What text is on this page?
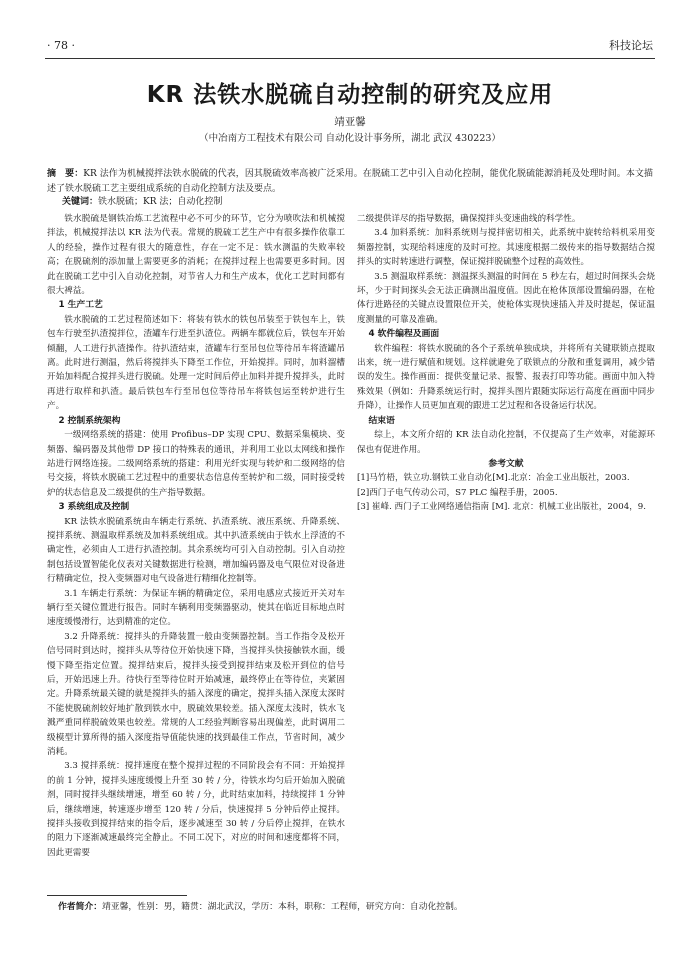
· 78 ·	科技论坛
KR 法铁水脱硫自动控制的研究及应用
靖亚馨
（中冶南方工程技术有限公司 自动化设计事务所，湖北 武汉 430223）
摘　要：KR 法作为机械搅拌法铁水脱硫的代表，因其脱硫效率高被广泛采用。在脱硫工艺中引入自动化控制，能优化脱硫能源消耗及处理时间。本文描述了铁水脱硫工艺主要组成系统的自动化控制方法及要点。
关键词：铁水脱硫；KR 法；自动化控制

铁水脱硫是钢铁冶炼工艺流程中必不可少的环节，它分为喷吹法和机械搅拌法，机械搅拌法以 KR 法为代表。常规的脱硫工艺生产中有很多操作依靠工人的经验，操作过程有很大的随意性，存在一定不足：铁水测温的失败率较高；在脱硫剂的添加量上需要更多的消耗；在搅拌过程上也需要更多时间。因此在脱硫工艺中引入自动化控制，对节省人力和生产成本，优化工艺时间都有很大裨益。

1 生产工艺

铁水脱硫的工艺过程简述如下：将装有铁水的铁包吊装至于铁包车上，铁包车行驶至扒渣搅拌位，渣罐车行进至扒渣位。两辆车都就位后，铁包车开始倾翻，人工进行扒渣操作。待扒渣结束，渣罐车行至吊包位等待吊车将渣罐吊离。此时进行测温，然后将搅拌头下降至工作位，开始搅拌。同时，加料溜槽开始加料配合搅拌头进行脱硫。处理一定时间后停止加料并提升搅拌头，此时再进行取样和扒渣。最后铁包车行至吊包位等待吊车将铁包运至转炉进行生产。

2 控制系统架构

一级网络系统的搭建：使用 Profibus–DP 实现 CPU、数据采集模块、变频器、编码器及其他带 DP 接口的特殊表的通讯，并利用工业以太网线和操作站进行网络连接。二级网络系统的搭建：利用光纤实现与转炉和二级网络的信号交接，将铁水脱硫工艺过程中的重要状态信息传至转炉和二级，同时接受转炉的状态信息及二级提供的生产指导数据。

3 系统组成及控制

KR 法铁水脱硫系统由车辆走行系统、扒渣系统、液压系统、升降系统、搅拌系统、测温取样系统及加料系统组成。其中扒渣系统由于铁水上浮渣的不确定性，必须由人工进行扒渣控制。其余系统均可引入自动控制。引入自动控制包括设置智能化仪表对关键数据进行检测，增加编码器及电气限位对设备进行精确定位，投入变频器对电气设备进行精细化控制等。

3.1 车辆走行系统：为保证车辆的精确定位，采用电感应式接近开关对车辆行至关键位置进行报告。同时车辆利用变频器驱动，使其在临近目标地点时速度缓慢滑行，达到精准的定位。

3.2 升降系统：搅拌头的升降装置一般由变频器控制。当工作指令及松开信号同时到达时，搅拌头从等待位开始快速下降，当搅拌头快接触铁水面，缓慢下降至指定位置。搅拌结束后，搅拌头接受到搅拌结束及松开到位的信号后，开始迅速上升。待快行至等待位时开始减速，最终停止在等待位，夹紧固定。升降系统最关键的就是搅拌头的插入深度的确定，搅拌头插入深度太深时不能使脱硫剂较好地扩散到铁水中，脱硫效果较差。插入深度太浅时，铁水飞溅严重同样脱硫效果也较差。常规的人工经验判断容易出现偏差，此时调用二级模型计算所得的插入深度指导值能快速的找到最佳工作点，节省时间，减少消耗。

3.3 搅拌系统：搅拌速度在整个搅拌过程的不同阶段会有不同：开始搅拌的前 1 分钟，搅拌头速度缓慢上升至 30 转 / 分，待铁水均匀后开始加入脱硫剂，同时搅拌头继续增速，增至 60 转 / 分，此时结束加料，持续搅拌 1 分钟后，继续增速，转速逐步增至 120 转 / 分后，快速搅拌 5 分钟后停止搅拌。搅拌头接收到搅拌结束的指令后，逐步减速至 30 转 / 分后停止搅拌，在铁水的阻力下逐渐减速最终完全静止。不同工况下，对应的时间和速度都将不同，因此更需要

二级提供详尽的指导数据，确保搅拌头变速曲线的科学性。

3.4 加料系统：加料系统则与搅拌密切相关，此系统中旋转给料机采用变频器控制，实现给料速度的及时可控。其速度根据二级传来的指导数据结合搅拌头的实时转速进行调整，保证搅拌脱硫整个过程的高效性。

3.5 测温取样系统：测温探头测温的时间在 5 秒左右，超过时间探头会烧坏，少于时间探头会无法正确测出温度值。因此在枪体顶部设置编码器，在枪体行进路径的关键点设置限位开关，使枪体实现快速插入并及时提起，保证温度测量的可靠及准确。

4 软件编程及画面

软件编程：将铁水脱硫的各个子系统单独成块，并将所有关键联锁点提取出来，统一进行赋值和规划。这样就避免了联锁点的分散和重复调用，减少错误的发生。操作画面：提供变量记录、报警、报表打印等功能。画面中加入特殊效果（例如：升降系统运行时，搅拌头图片跟随实际运行高度在画面中同步升降），让操作人员更加直观的跟进工艺过程和各设备运行状况。

结束语

综上，本文所介绍的 KR 法自动化控制，不仅提高了生产效率，对能源环保也有促进作用。

参考文献

[1]马竹梧，铁立功.钢铁工业自动化[M].北京：冶金工业出版社，2003.

[2]西门子电气传动公司，S7 PLC 编程手册，2005.

[3] 崔峰. 西门子工业网络通信指南 [M]. 北京：机械工业出版社，2004，9.

作者简介：靖亚馨，性别：男，籍贯：湖北武汉，学历：本科，职称：工程师，研究方向：自动化控制。
